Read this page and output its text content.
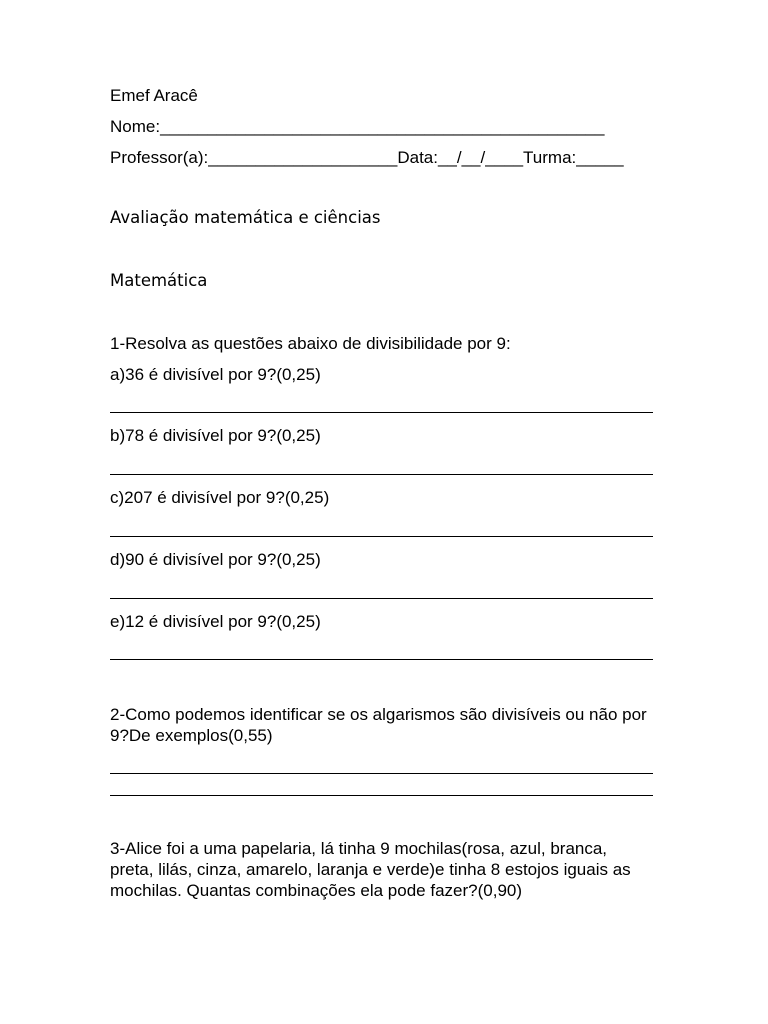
Emef Aracê
Nome:_______________________________________________
Professor(a):____________________Data:__/__/____Turma:_____
Avaliação matemática e ciências
Matemática
1-Resolva as questões abaixo de divisibilidade por 9:
a)36 é divisível por 9?(0,25)
b)78 é divisível por 9?(0,25)
c)207 é divisível por 9?(0,25)
d)90 é divisível por 9?(0,25)
e)12 é divisível por 9?(0,25)
2-Como podemos identificar se os algarismos são divisíveis ou não por 9?De exemplos(0,55)
3-Alice foi a uma papelaria, lá tinha 9 mochilas(rosa, azul, branca, preta, lilás, cinza, amarelo, laranja e verde)e tinha 8 estojos iguais as mochilas. Quantas combinações ela pode fazer?(0,90)
